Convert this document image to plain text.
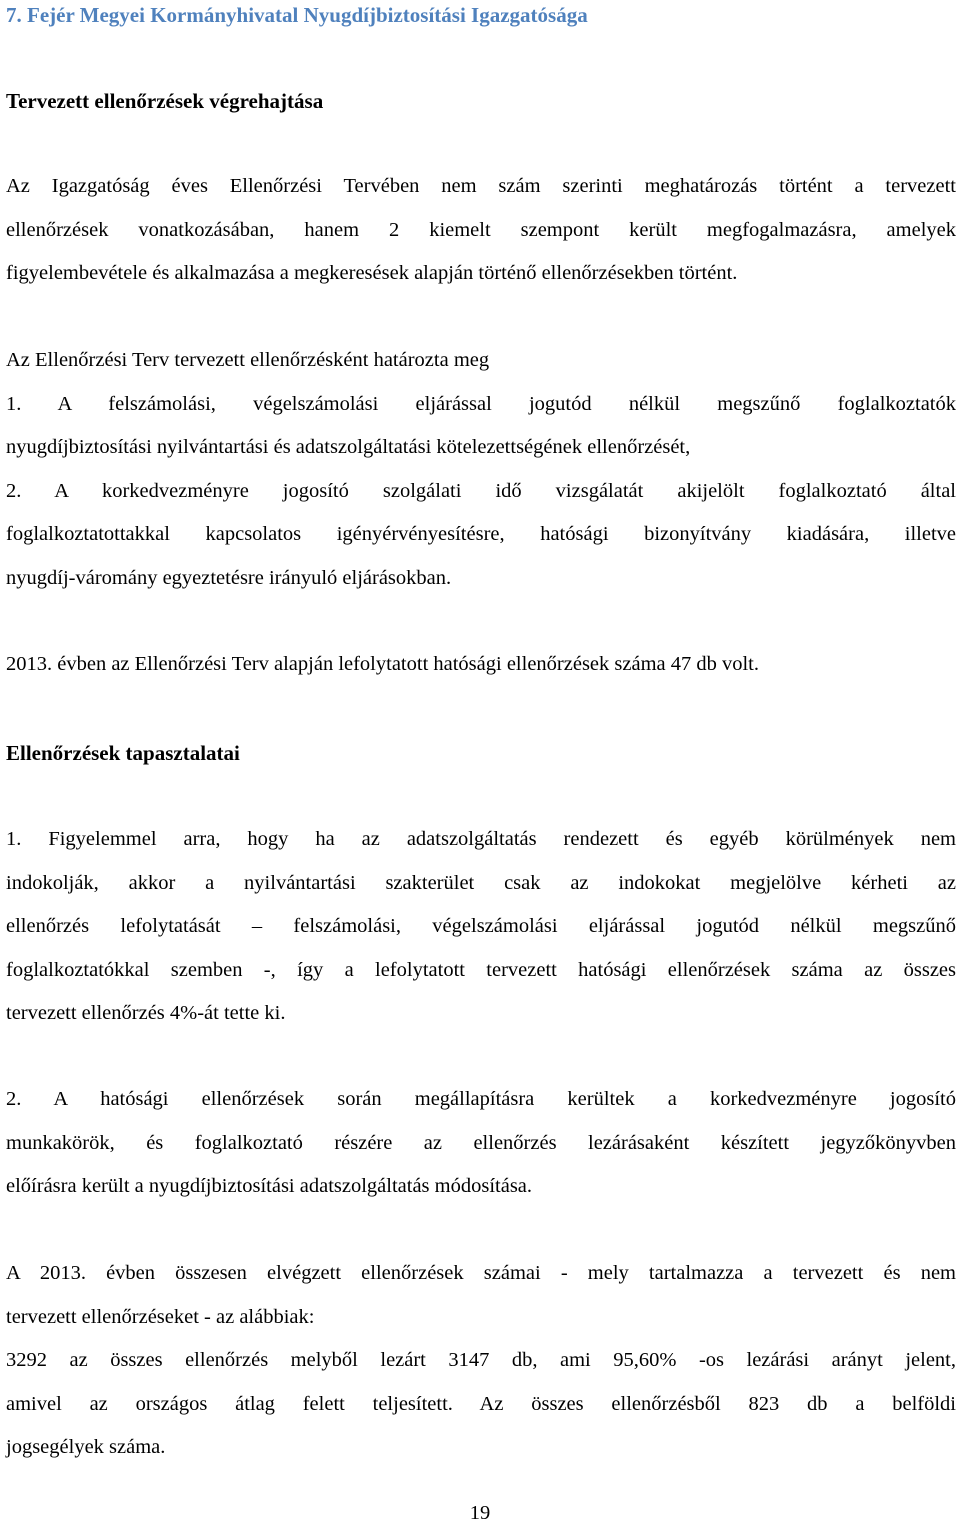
7. Fejér Megyei Kormányhivatal Nyugdíjbiztosítási Igazgatósága
Tervezett ellenőrzések végrehajtása
Az Igazgatóság éves Ellenőrzési Tervében nem szám szerinti meghatározás történt a tervezett
ellenőrzések vonatkozásában, hanem 2 kiemelt szempont került megfogalmazásra, amelyek
figyelembevétele és alkalmazása a megkeresések alapján történő ellenőrzésekben történt.
Az Ellenőrzési Terv tervezett ellenőrzésként határozta meg
1. A felszámolási, végelszámolási eljárással jogutód nélkül megszűnő foglalkoztatók
nyugdíjbiztosítási nyilvántartási és adatszolgáltatási kötelezettségének ellenőrzését,
2. A korkedvezményre jogosító szolgálati idő vizsgálatát akijelölt foglalkoztató által
foglalkoztatottakkal kapcsolatos igényérvényesítésre, hatósági bizonyítvány kiadására, illetve
nyugdíj-váromány egyeztetésre irányuló eljárásokban.
2013. évben az Ellenőrzési Terv alapján lefolytatott hatósági ellenőrzések száma 47 db volt.
Ellenőrzések tapasztalatai
1. Figyelemmel arra, hogy ha az adatszolgáltatás rendezett és egyéb körülmények nem
indokolják, akkor a nyilvántartási szakterület csak az indokokat megjelölve kérheti az
ellenőrzés lefolytatását – felszámolási, végelszámolási eljárással jogutód nélkül megszűnő
foglalkoztatókkal szemben -, így a lefolytatott tervezett hatósági ellenőrzések száma az összes
tervezett ellenőrzés 4%-át tette ki.
2. A hatósági ellenőrzések során megállapításra kerültek a korkedvezményre jogosító
munkakörök, és foglalkoztató részére az ellenőrzés lezárásaként készített jegyzőkönyvben
előírásra került a nyugdíjbiztosítási adatszolgáltatás módosítása.
A 2013. évben összesen elvégzett ellenőrzések számai - mely tartalmazza a tervezett és nem
tervezett ellenőrzéseket - az alábbiak:
3292 az összes ellenőrzés melyből lezárt 3147 db, ami 95,60% -os lezárási arányt jelent,
amivel az országos átlag felett teljesített. Az összes ellenőrzésből 823 db a belföldi
jogsegélyek száma.
19
